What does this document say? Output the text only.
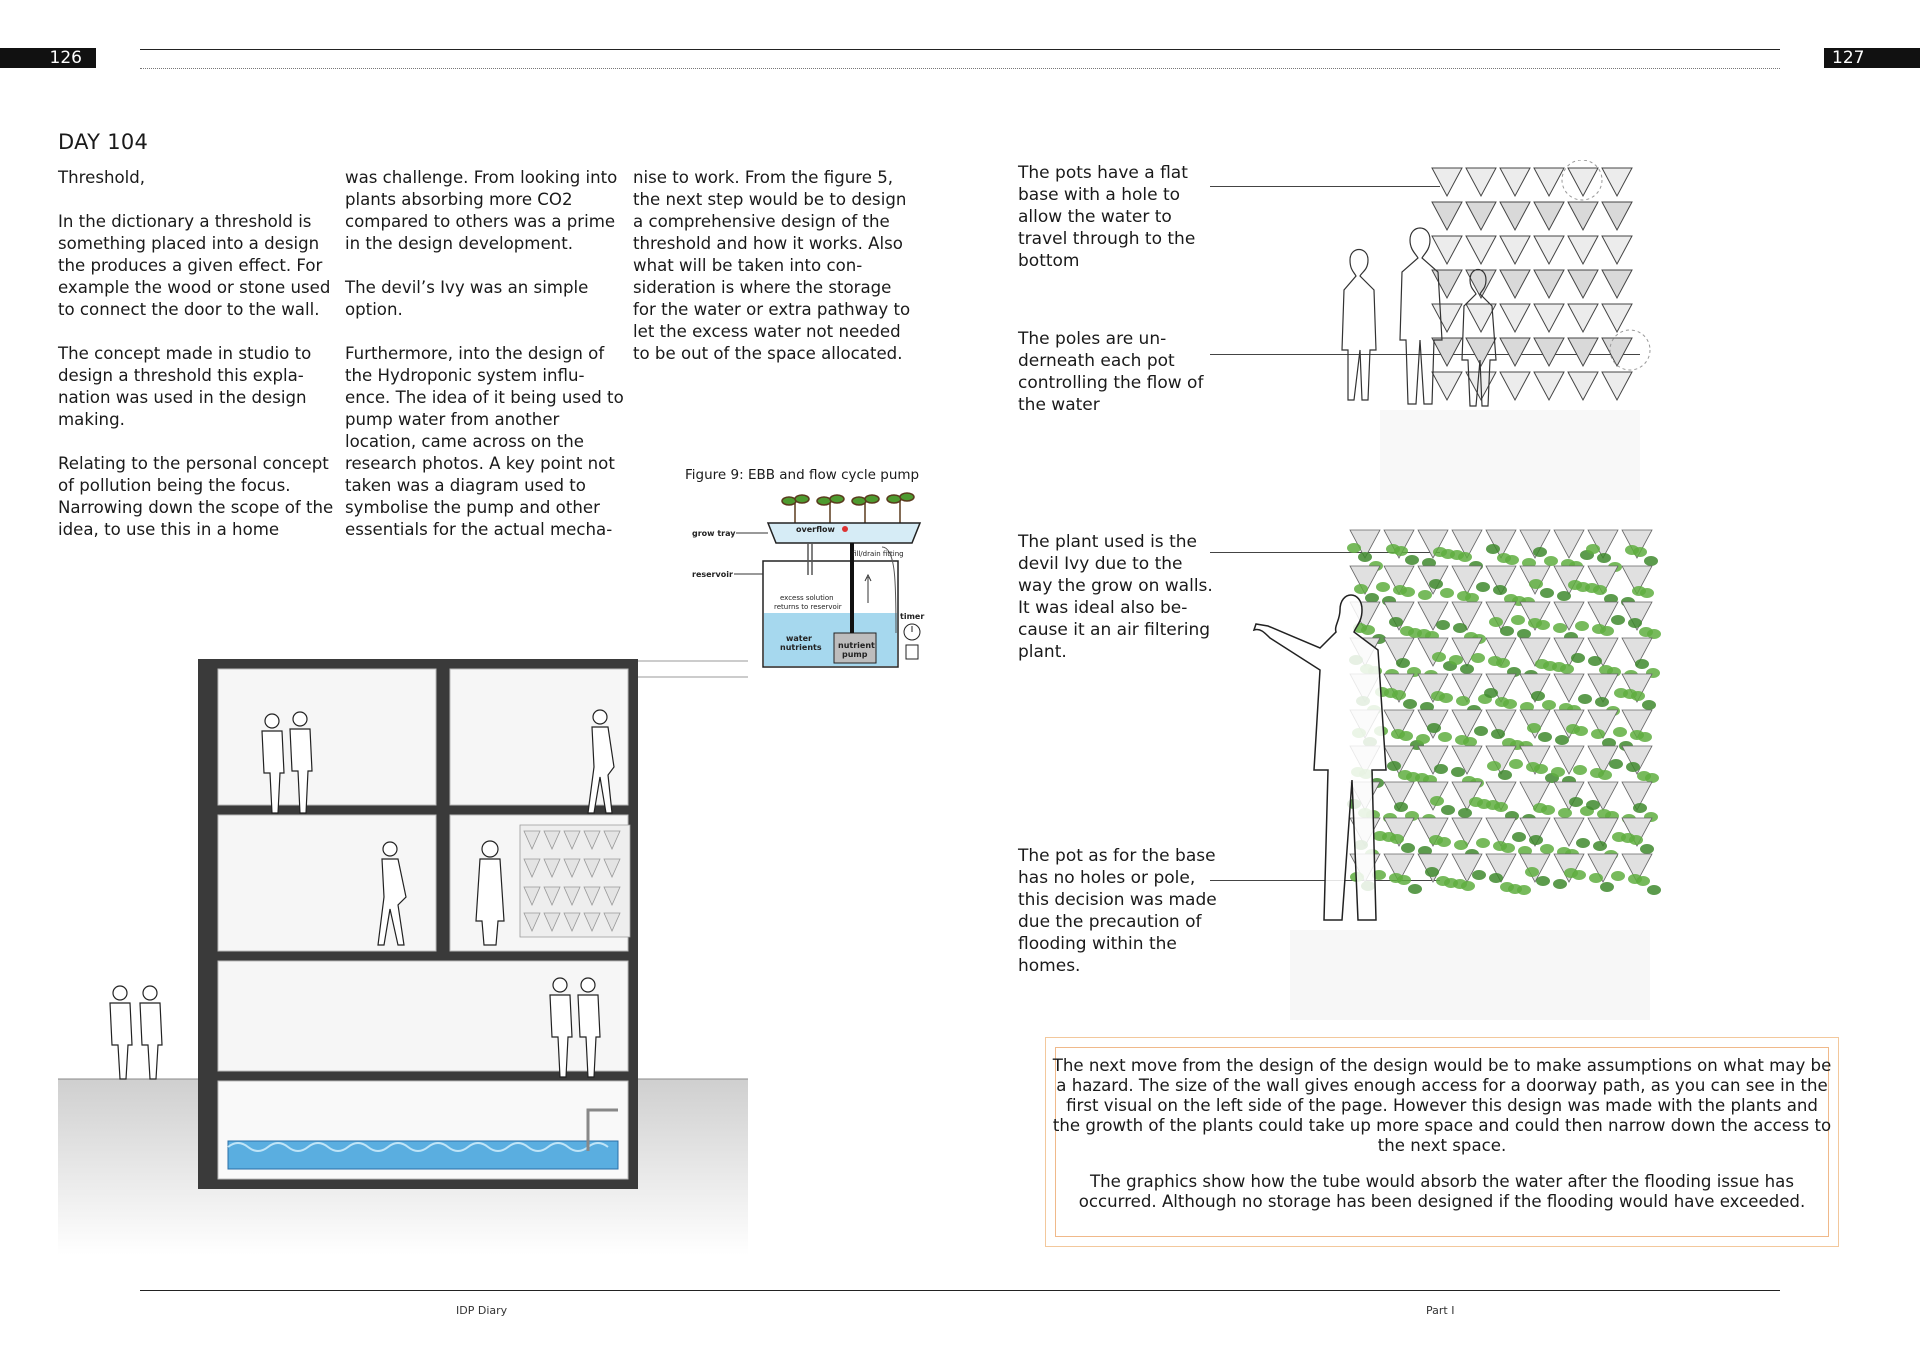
126	127
DAY 104

Threshold,

In the dictionary a threshold is something placed into a design the produces a given effect. For example the wood or stone used to connect the door to the wall.

The concept made in studio to design a threshold this expla-nation was used in the design making.

Relating to the personal concept of pollution being the focus. Narrowing down the scope of the idea, to use this in a home

was challenge. From looking into plants absorbing more CO2 compared to others was a prime in the design development.

The devil’s Ivy was an simple option.

Furthermore, into the design of the Hydroponic system influ-ence. The idea of it being used to pump water from another location, came across on the research photos. A key point not taken was a diagram used to symbolise the pump and other essentials for the actual mecha-

nise to work. From the figure 5, the next step would be to design a comprehensive design of the threshold and how it works. Also what will be taken into con-sideration is where the storage for the water or extra pathway to let the excess water not needed to be out of the space allocated.

Figure 9: EBB and flow cycle pump
grow tray	overflow
fill/drain fitting
reservoir
excess solution
returns to reservoir
timer
water
nutrients nutrient
pump
The pots have a flat base with a hole to allow the water to travel through to the bottom
The poles are un-derneath each pot controlling the flow of the water
The plant used is the devil Ivy due to the way the grow on walls. It was ideal also be-cause it an air filtering plant.
The pot as for the base has no holes or pole, this decision was made due the precaution of flooding within the homes.

The next move from the design of the design would be to make assumptions on what may be a hazard. The size of the wall gives enough access for a doorway path, as you can see in the first visual on the left side of the page. However this design was made with the plants and the growth of the plants could take up more space and could then narrow down the access to the next space.

The graphics show how the tube would absorb the water after the flooding issue has occurred. Although no storage has been designed if the flooding would have exceeded.

IDP Diary	Part I
